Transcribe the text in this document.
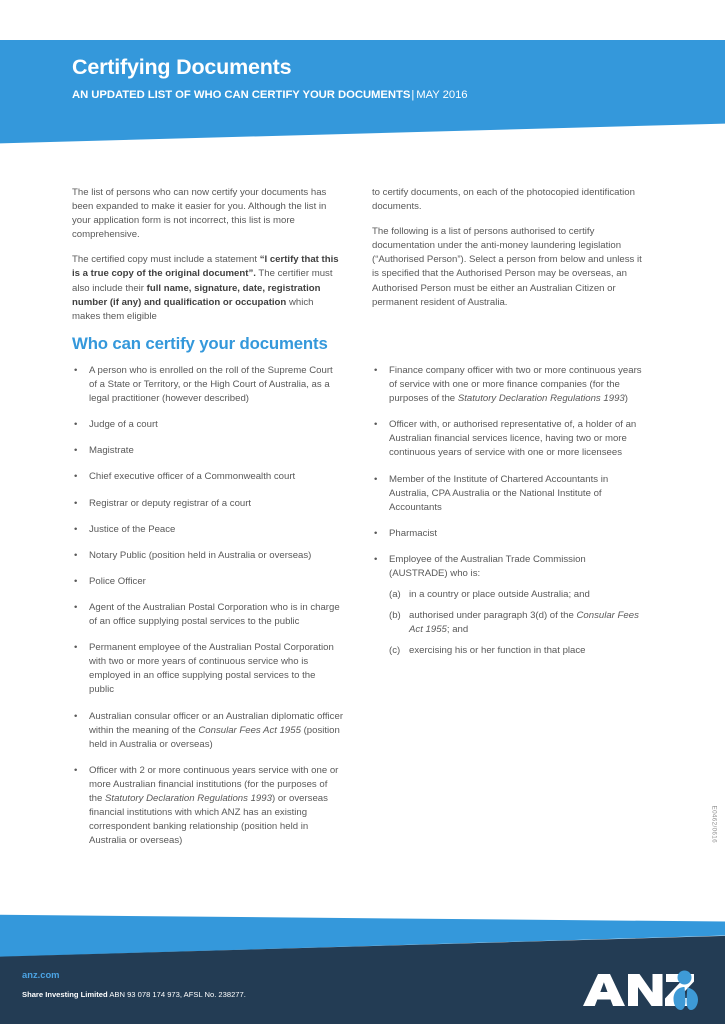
Certifying Documents

AN UPDATED LIST OF WHO CAN CERTIFY YOUR DOCUMENTS| MAY 2016

The list of persons who can now certify your documents has been expanded to make it easier for you. Although the list in your application form is not incorrect, this list is more comprehensive.

The certified copy must include a statement “I certify that this is a true copy of the original document”. The certifier must also include their full name, signature, date, registration number (if any) and qualification or occupation which makes them eligible

to certify documents, on each of the photocopied identification documents.

The following is a list of persons authorised to certify documentation under the anti-money laundering legislation (“Authorised Person”). Select a person from below and unless it is specified that the Authorised Person may be overseas, an Authorised Person must be either an Australian Citizen or permanent resident of Australia.

Who can certify your documents
• A person who is enrolled on the roll of the Supreme Court of a State or Territory, or the High Court of Australia, as a legal practitioner (however described)
• Judge of a court
• Magistrate
• Chief executive officer of a Commonwealth court
• Registrar or deputy registrar of a court
• Justice of the Peace
• Notary Public (position held in Australia or overseas)
• Police Officer
• Agent of the Australian Postal Corporation who is in charge of an office supplying postal services to the public
• Permanent employee of the Australian Postal Corporation with two or more years of continuous service who is employed in an office supplying postal services to the public
• Australian consular officer or an Australian diplomatic officer within the meaning of the Consular Fees Act 1955 (position held in Australia or overseas)
• Officer with 2 or more continuous years service with one or more Australian financial institutions (for the purposes of the Statutory Declaration Regulations 1993) or overseas financial institutions with which ANZ has an existing correspondent banking relationship (position held in Australia or overseas)
• Finance company officer with two or more continuous years of service with one or more finance companies (for the purposes of the Statutory Declaration Regulations 1993)
• Officer with, or authorised representative of, a holder of an Australian financial services licence, having two or more continuous years of service with one or more licensees
• Member of the Institute of Chartered Accountants in Australia, CPA Australia or the National Institute of Accountants
• Pharmacist
• Employee of the Australian Trade Commission (AUSTRADE) who is:
(a) in a country or place outside Australia; and
(b) authorised under paragraph 3(d) of the Consular Fees Act 1955; and
(c) exercising his or her function in that place
E0462/0616
anz.com

Share Investing Limited ABN 93 078 174 973, AFSL No. 238277.
